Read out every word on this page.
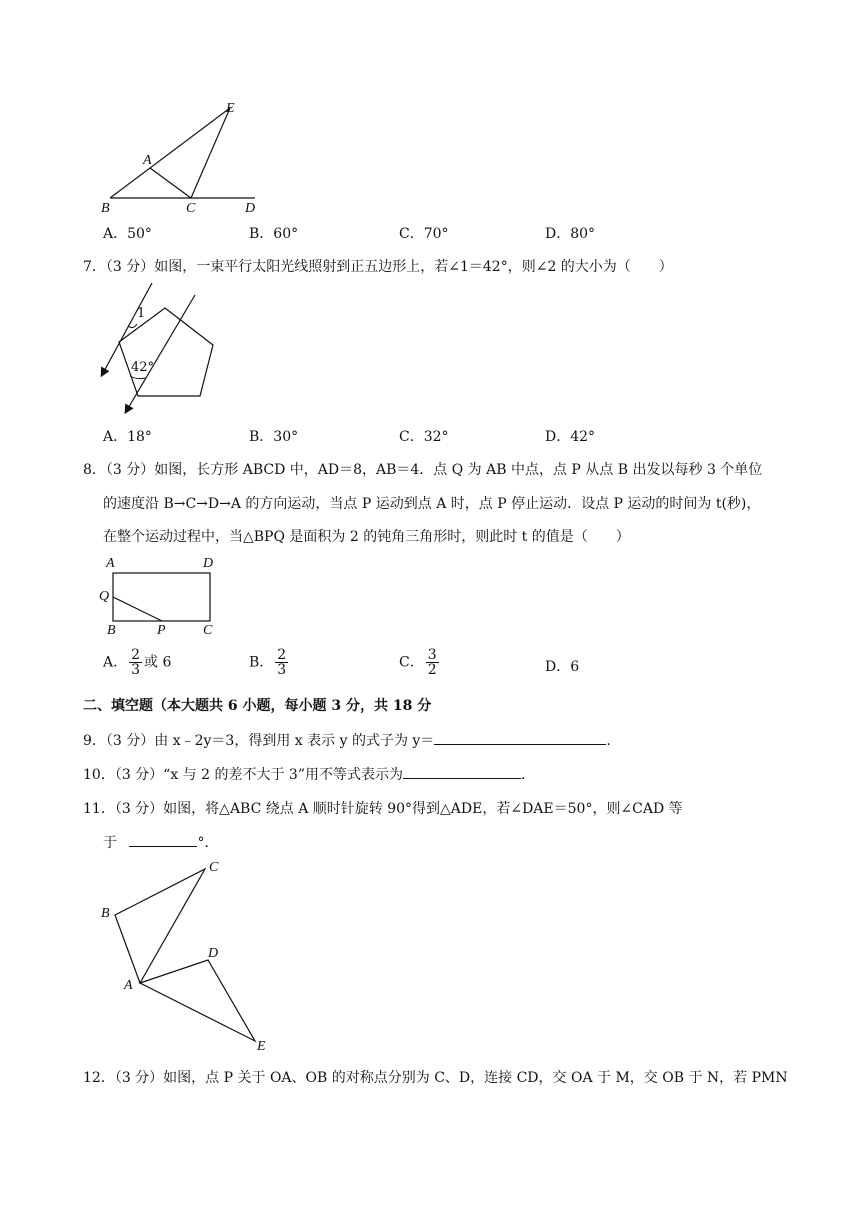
A
B	C	D
E
A．50°	B．60°	C．70°	D．80°
7．（3 分）如图，一束平行太阳光线照射到正五边形上，若∠1＝42°，则∠2 的大小为（　　）
1
42°
A．18°	B．30°	C．32°	D．42°
8．（3 分）如图，长方形 ABCD 中，AD＝8，AB＝4．点 Q 为 AB 中点，点 P 从点 B 出发以每秒 3 个单位
的速度沿 B→C→D→A 的方向运动，当点 P 运动到点 A 时，点 P 停止运动．设点 P 运动的时间为 t(秒)，
在整个运动过程中，当△BPQ 是面积为 2 的钝角三角形时，则此时 t 的值是（　　）
A	D
Q
B	P	C
A． $\frac{2}{3}$ 或 6	B． $\frac{2}{3}$	C． $\frac{3}{2}$	D．6
二、填空题（本大题共 6 小题，每小题 3 分，共 18 分
9．（3 分）由 x﹣2y＝3，得到用 x 表示 y 的式子为 y＝	．
10．（3 分）“x 与 2 的差不大于 3”用不等式表示为	．
11．（3 分）如图，将△ABC 绕点 A 顺时针旋转 90°得到△ADE，若∠DAE＝50°，则∠CAD 等
于	°．
A
B
C
D
E
12．（3 分）如图，点 P 关于 OA、OB 的对称点分别为 C、D，连接 CD，交 OA 于 M，交 OB 于 N，若 PMN
